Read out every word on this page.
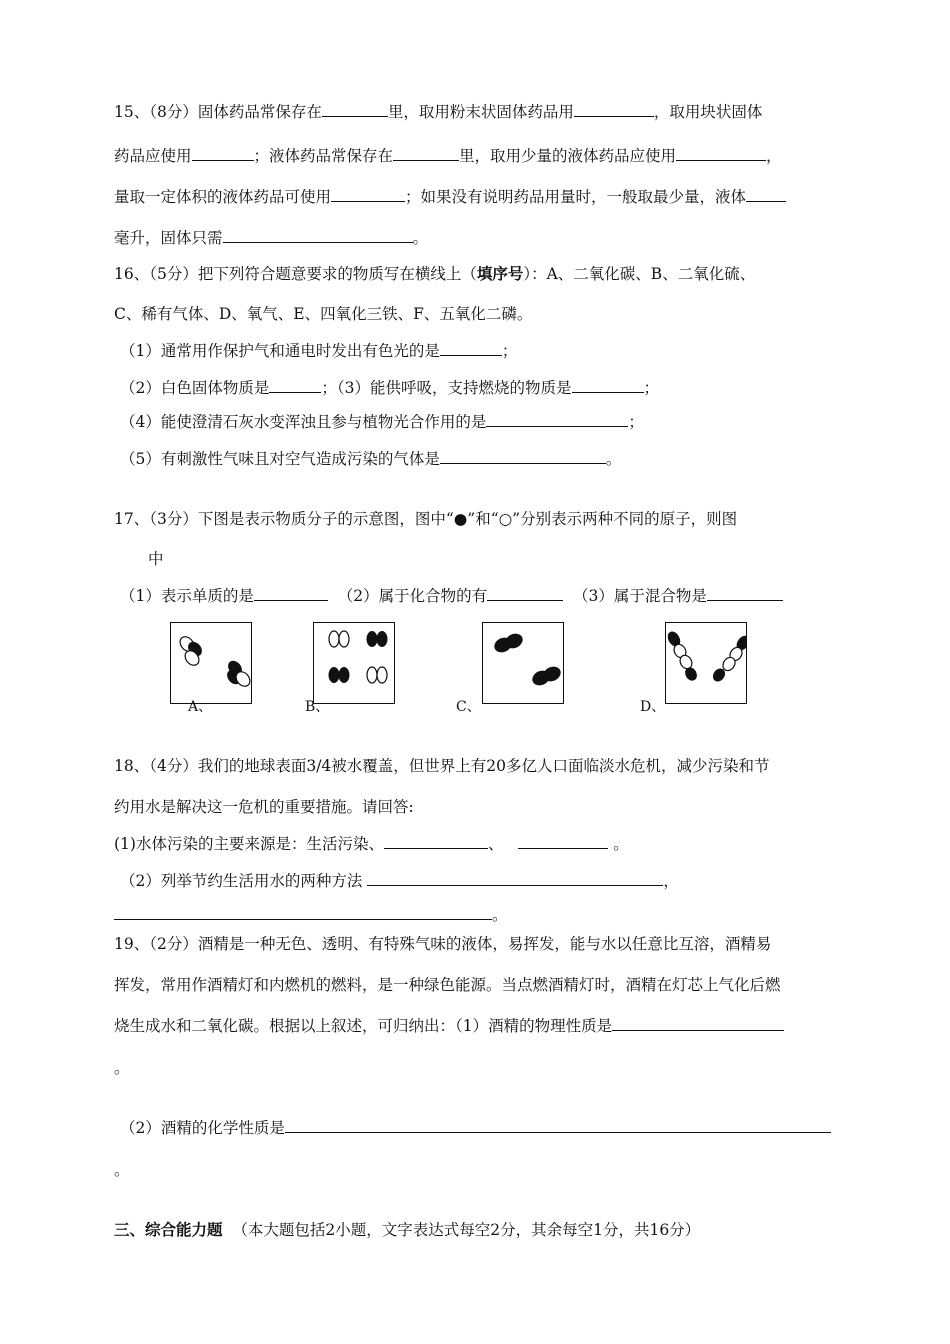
15、（8分）固体药品常保存在	里，取用粉末状固体药品用	，取用块状固体
药品应使用	；液体药品常保存在	里，取用少量的液体药品应使用	，
量取一定体积的液体药品可使用	；如果没有说明药品用量时，一般取最少量，液体
毫升，固体只需	。
16、（5分）把下列符合题意要求的物质写在横线上（填序号）：A、二氧化碳、B、二氧化硫、
C、稀有气体、D、氧气、E、四氧化三铁、F、五氧化二磷。
（1）通常用作保护气和通电时发出有色光的是	；
（2）白色固体物质是	；（3）能供呼吸，支持燃烧的物质是	；
（4）能使澄清石灰水变浑浊且参与植物光合作用的是	；
（5）有刺激性气味且对空气造成污染的气体是	。
17、（3分）下图是表示物质分子的示意图，图中“●”和“○”分别表示两种不同的原子，则图
中
（1）表示单质的是	（2）属于化合物的有	（3）属于混合物是
A、	B、	C、	D、
18、（4分）我们的地球表面3/4被水覆盖，但世界上有20多亿人口面临淡水危机，减少污染和节
约用水是解决这一危机的重要措施。请回答:
(1)水体污染的主要来源是：生活污染、	、	。
（2）列举节约生活用水的两种方法	，
。
19、（2分）酒精是一种无色、透明、有特殊气味的液体，易挥发，能与水以任意比互溶，酒精易
挥发，常用作酒精灯和内燃机的燃料，是一种绿色能源。当点燃酒精灯时，酒精在灯芯上气化后燃
烧生成水和二氧化碳。根据以上叙述，可归纳出：（1）酒精的物理性质是
。
（2）酒精的化学性质是
。
三、综合能力题 （本大题包括2小题，文字表达式每空2分，其余每空1分，共16分）
